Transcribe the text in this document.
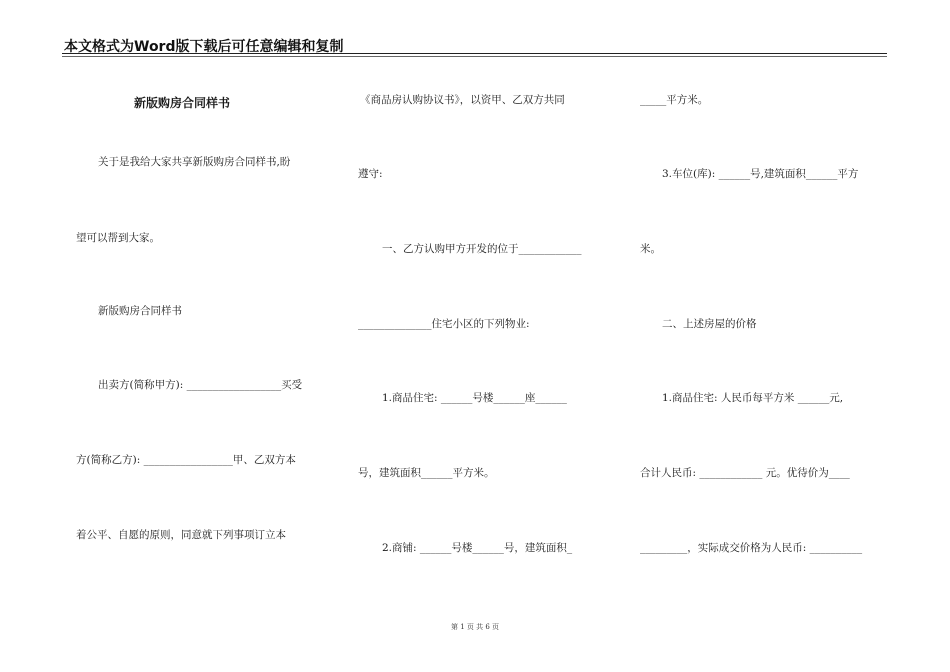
本文格式为Word版下载后可任意编辑和复制
新版购房合同样书
关于是我给大家共享新版购房合同样书,盼
望可以帮到大家。
新版购房合同样书
出卖方(简称甲方): __________________买受
方(简称乙方): _________________甲、乙双方本
着公平、自愿的原则，同意就下列事项订立本
《商品房认购协议书》，以资甲、乙双方共同
遵守:
一、乙方认购甲方开发的位于____________
______________住宅小区的下列物业:
1.商品住宅: ______号楼______座______
号，建筑面积______平方米。
2.商铺: ______号楼______号，建筑面积_
_____平方米。
3.车位(库): ______号,建筑面积______平方
米。
二、上述房屋的价格
1.商品住宅: 人民币每平方米 ______元,
合计人民币: ____________ 元。优待价为____
_________，实际成交价格为人民币: __________
第 1 页 共 6 页
